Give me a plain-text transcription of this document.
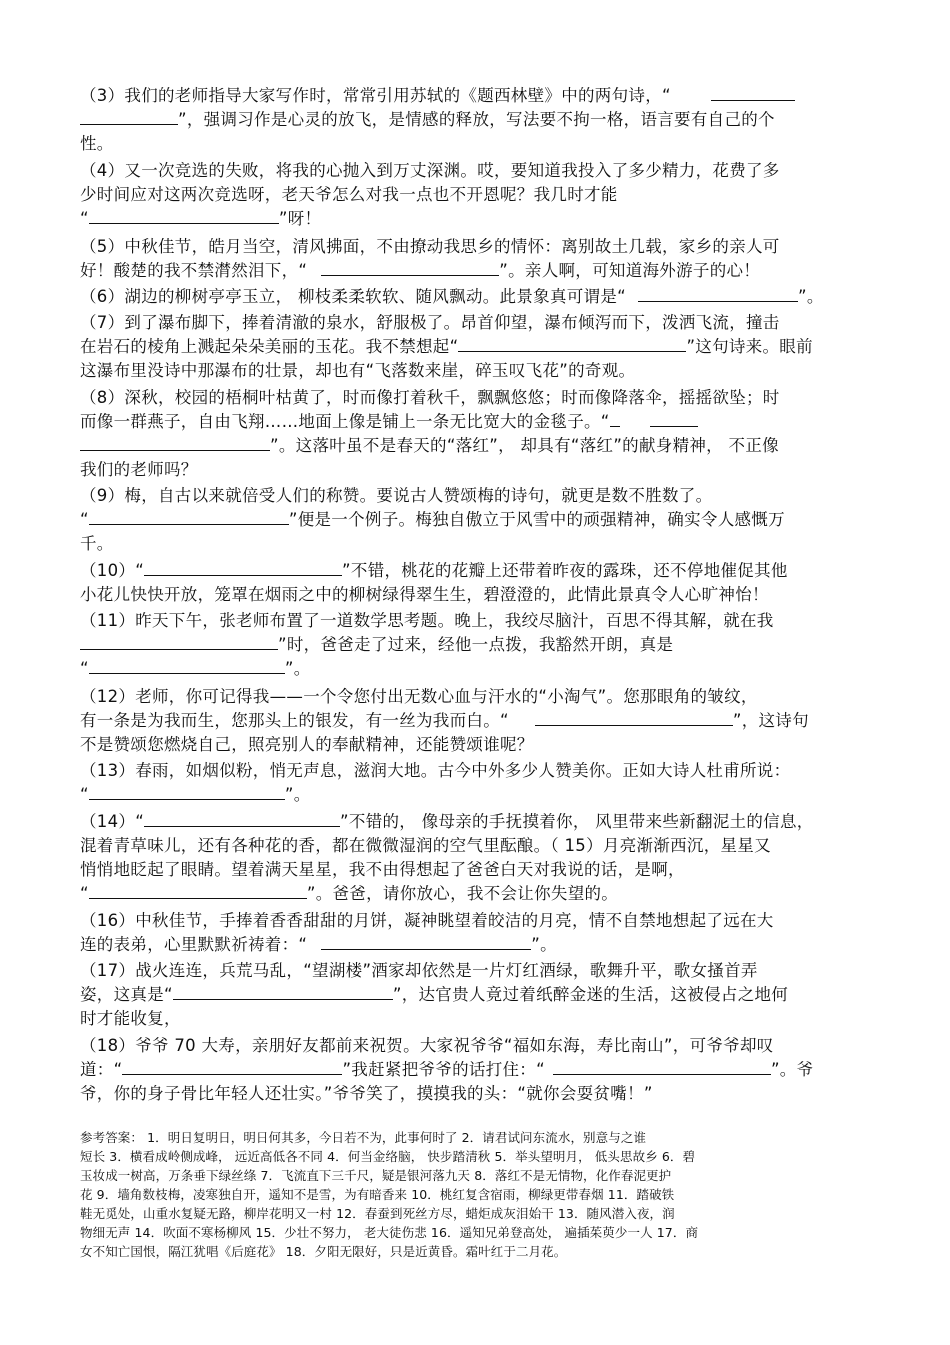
（3）我们的老师指导大家写作时，常常引用苏轼的《题西林壁》中的两句诗，“
”，强调习作是心灵的放飞，是情感的释放，写法要不拘一格，语言要有自己的个
性。
（4）又一次竞选的失败，将我的心抛入到万丈深渊。哎，要知道我投入了多少精力，花费了多
少时间应对这两次竞选呀，老天爷怎么对我一点也不开恩呢？我几时才能
“	”呀！
（5）中秋佳节，皓月当空，清风拂面，不由撩动我思乡的情怀：离别故土几载，家乡的亲人可
好！酸楚的我不禁潸然泪下，“	”。亲人啊，可知道海外游子的心！
（6）湖边的柳树亭亭玉立， 柳枝柔柔软软、随风飘动。此景象真可谓是“	”。
（7）到了瀑布脚下，捧着清澈的泉水，舒服极了。昂首仰望，瀑布倾泻而下，泼洒飞流，撞击
在岩石的棱角上溅起朵朵美丽的玉花。我不禁想起“	”这句诗来。眼前
这瀑布里没诗中那瀑布的壮景，却也有“飞落数来崖，碎玉叹飞花”的奇观。
（8）深秋，校园的梧桐叶枯黄了，时而像打着秋千，飘飘悠悠；时而像降落伞，摇摇欲坠；时
而像一群燕子，自由飞翔……地面上像是铺上一条无比宽大的金毯子。“
”。这落叶虽不是春天的“落红”， 却具有“落红”的献身精神， 不正像
我们的老师吗？
（9）梅，自古以来就倍受人们的称赞。要说古人赞颂梅的诗句，就更是数不胜数了。
“	”便是一个例子。梅独自傲立于风雪中的顽强精神，确实令人感慨万
千。
（10）“	”不错，桃花的花瓣上还带着昨夜的露珠，还不停地催促其他
小花儿快快开放，笼罩在烟雨之中的柳树绿得翠生生，碧澄澄的，此情此景真令人心旷神怡！
（11）昨天下午，张老师布置了一道数学思考题。晚上，我绞尽脑汁，百思不得其解，就在我
”时，爸爸走了过来，经他一点拨，我豁然开朗，真是
“	”。
（12）老师，你可记得我——一个令您付出无数心血与汗水的“小淘气”。您那眼角的皱纹，
有一条是为我而生，您那头上的银发，有一丝为我而白。“	”，这诗句
不是赞颂您燃烧自己，照亮别人的奉献精神，还能赞颂谁呢？
（13）春雨，如烟似粉，悄无声息，滋润大地。古今中外多少人赞美你。正如大诗人杜甫所说：
“	”。
（14）“	”不错的， 像母亲的手抚摸着你， 风里带来些新翻泥土的信息，
混着青草味儿，还有各种花的香，都在微微湿润的空气里酝酿。（ 15）月亮渐渐西沉，星星又
悄悄地眨起了眼睛。望着满天星星，我不由得想起了爸爸白天对我说的话，是啊，
“	”。爸爸，请你放心，我不会让你失望的。
（16）中秋佳节，手捧着香香甜甜的月饼，凝神眺望着皎洁的月亮，情不自禁地想起了远在大
连的表弟，心里默默祈祷着：“	”。
（17）战火连连，兵荒马乱，“望湖楼”酒家却依然是一片灯红酒绿，歌舞升平，歌女搔首弄
姿，这真是“	”，达官贵人竟过着纸醉金迷的生活，这被侵占之地何
时才能收复，
（18）爷爷 70 大寿，亲朋好友都前来祝贺。大家祝爷爷“福如东海，寿比南山”，可爷爷却叹
道：“	”我赶紧把爷爷的话打住：“	”。爷
爷，你的身子骨比年轻人还壮实。”爷爷笑了，摸摸我的头：“就你会耍贫嘴！”
参考答案： 1．明日复明日，明日何其多，今日若不为，此事何时了 2．请君试问东流水，别意与之谁
短长 3．横看成岭侧成峰， 远近高低各不同 4．何当金络脑， 快步踏清秋 5．举头望明月， 低头思故乡 6．碧
玉妆成一树高，万条垂下绿丝绦 7．飞流直下三千尺，疑是银河落九天 8．落红不是无情物，化作春泥更护
花 9．墙角数枝梅，凌寒独自开，遥知不是雪，为有暗香来 10．桃红复含宿雨，柳绿更带春烟 11．踏破铁
鞋无觅处，山重水复疑无路，柳岸花明又一村 12．春蚕到死丝方尽，蜡炬成灰泪始干 13．随风潜入夜，润
物细无声 14．吹面不寒杨柳风 15．少壮不努力， 老大徒伤悲 16．遥知兄弟登高处， 遍插茱萸少一人 17．商
女不知亡国恨，隔江犹唱《后庭花》 18．夕阳无限好，只是近黄昏。霜叶红于二月花。
